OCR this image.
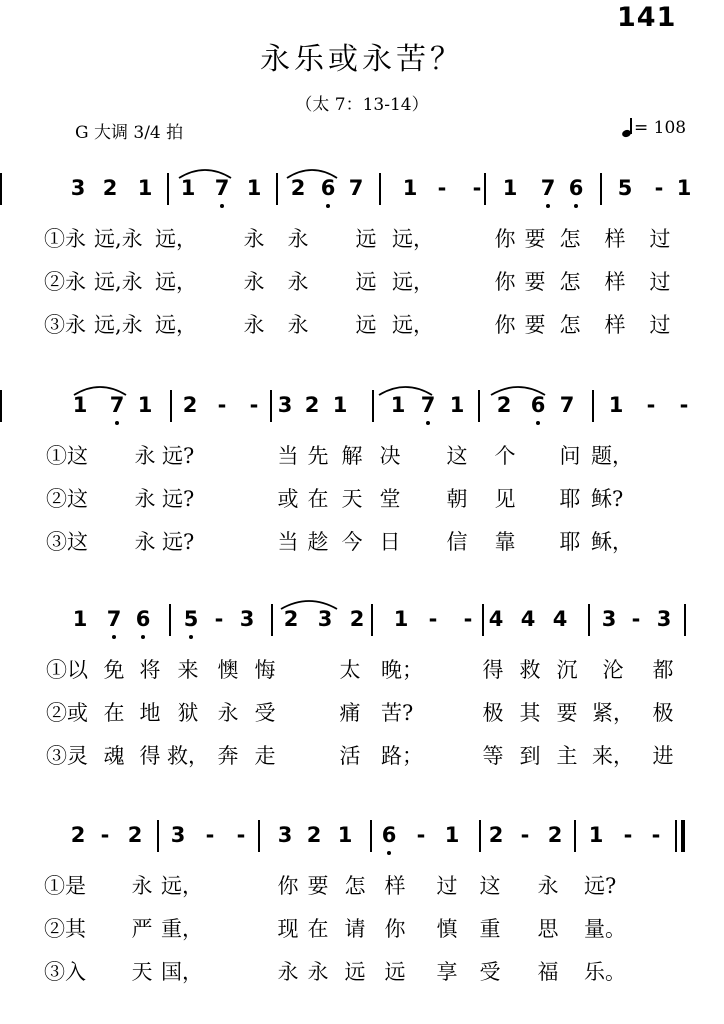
141
永乐或永苦？
（太 7：13-14）
G 大调 3/4 拍	= 108
3 2 1 1 7 1 2 6 7 1 - - 1 7 6 5 - 1
①永 远,永 远， 永 永 远 远，	你 要 怎 样 过
②永 远,永 远， 永 永 远 远，	你 要 怎 样 过
③永 远,永 远， 永 永 远 远，	你 要 怎 样 过
1 7 1 2 - - 3 2 1 1 7 1 2 6 7 1 - -
①这 永 远?	当 先 解 决 这 个 问 题，
②这 永 远?	或 在 天 堂 朝 见 耶 稣?
③这 永 远?	当 趁 今 日 信 靠 耶 稣，
1 7 6 5 - 3 2 3 2 1 - - 4 4 4 3 - 3
①以 免 将 来 懊 悔	太 晚；	得 救 沉 沦 都
②或 在 地 狱 永 受	痛 苦?	极 其 要 紧， 极
③灵 魂 得 救， 奔 走	活 路；	等 到 主 来， 进
2 - 2 3 - - 3 2 1 6 - 1 2 - 2 1 - -
①是 永 远，	你 要 怎 样 过 这 永 远?
②其 严 重，	现 在 请 你 慎 重 思 量。
③入 天 国，	永 永 远 远 享 受 福 乐。
